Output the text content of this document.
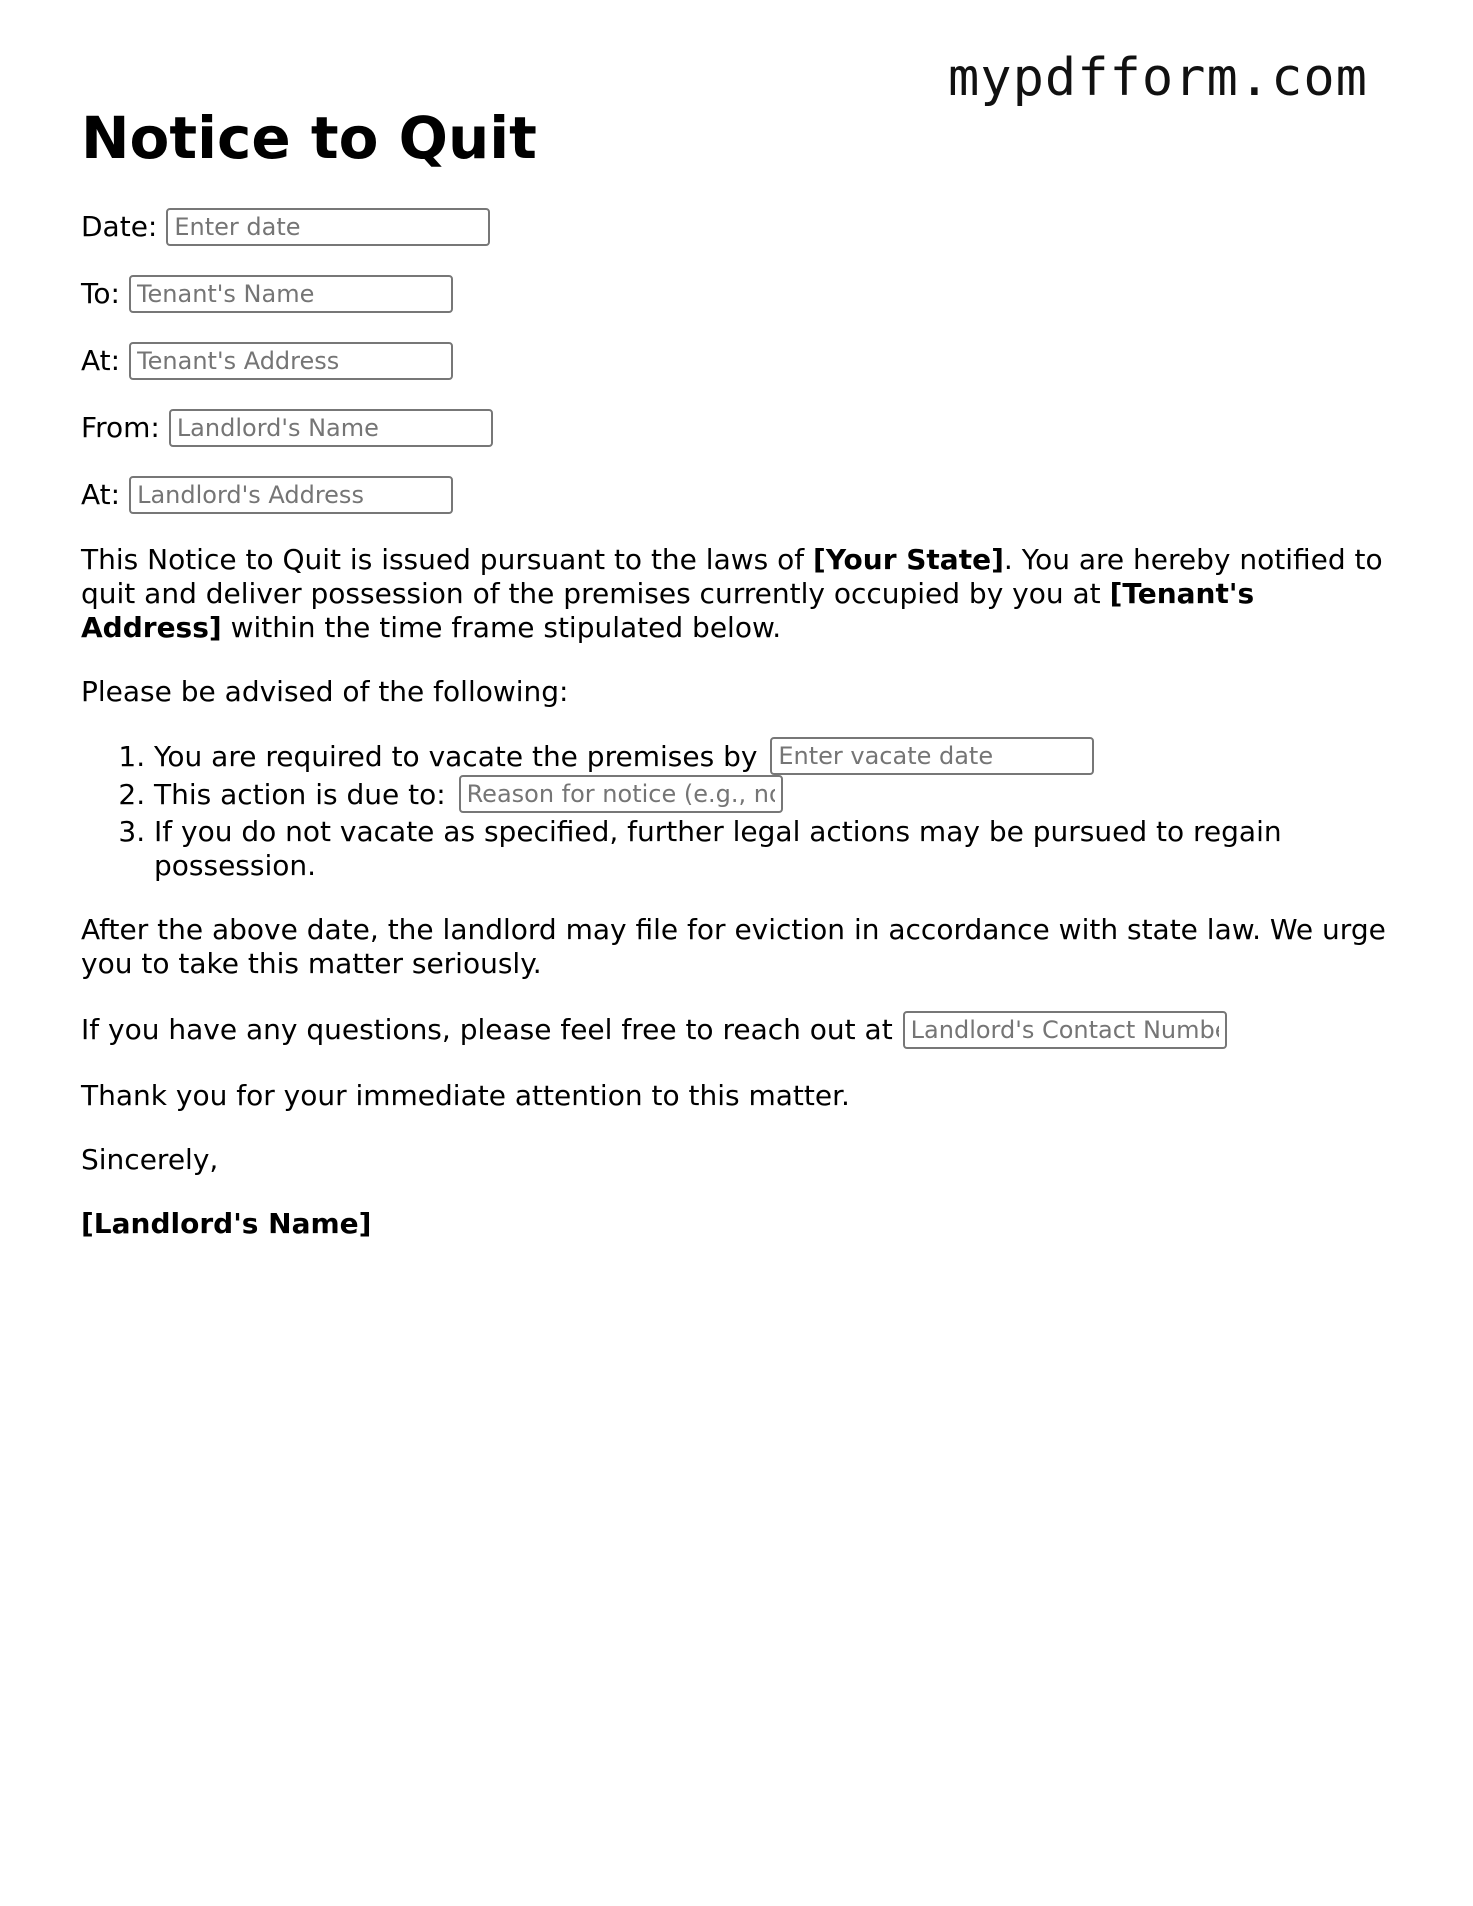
mypdfform.com
Notice to Quit
Date:
Enter date
To:
Tenant's Name
At:
Tenant's Address
From:
Landlord's Name
At:
Landlord's Address

This Notice to Quit is issued pursuant to the laws of [Your State]. You are hereby notified to quit and deliver possession of the premises currently occupied by you at [Tenant's Address] within the time frame stipulated below.

Please be advised of the following:

1. You are required to vacate the premises by Enter vacate date
2. This action is due to: Reason for notice (e.g., no
3. If you do not vacate as specified, further legal actions may be pursued to regain possession.

After the above date, the landlord may file for eviction in accordance with state law. We urge you to take this matter seriously.

If you have any questions, please feel free to reach out at
Landlord's Contact Numbe

Thank you for your immediate attention to this matter.

Sincerely,

[Landlord's Name]
